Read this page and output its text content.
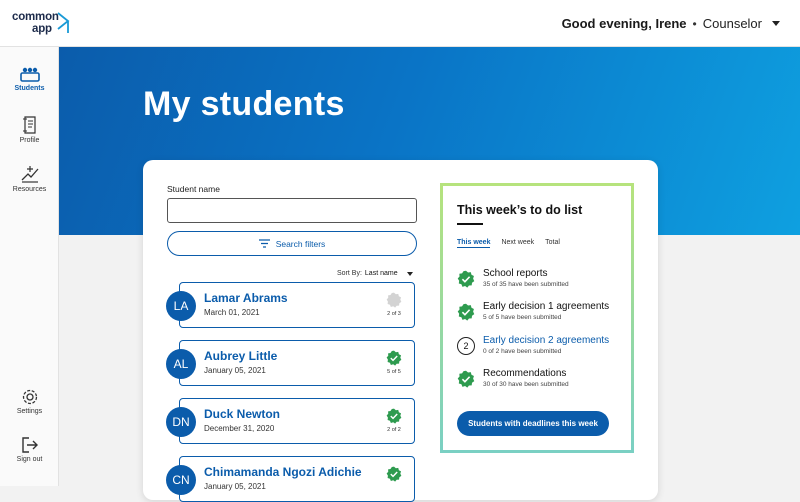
common
app	Good evening, Irene • Counselor
Students
Profile
Resources
Settings
Sign out
My students
Student name
Search filters
Sort By: Last name
LA
Lamar Abrams
March 01, 2021	2 of 3
AL
Aubrey Little
January 05, 2021	5 of 5
DN
Duck Newton
December 31, 2020	2 of 2
CN
Chimamanda Ngozi Adichie
January 05, 2021
This week’s to do list
This week Next week Total
School reports
35 of 35 have been submitted
Early decision 1 agreements
5 of 5 have been submitted
2	Early decision 2 agreements
0 of 2 have been submitted
Recommendations
30 of 30 have been submitted
Students with deadlines this week
